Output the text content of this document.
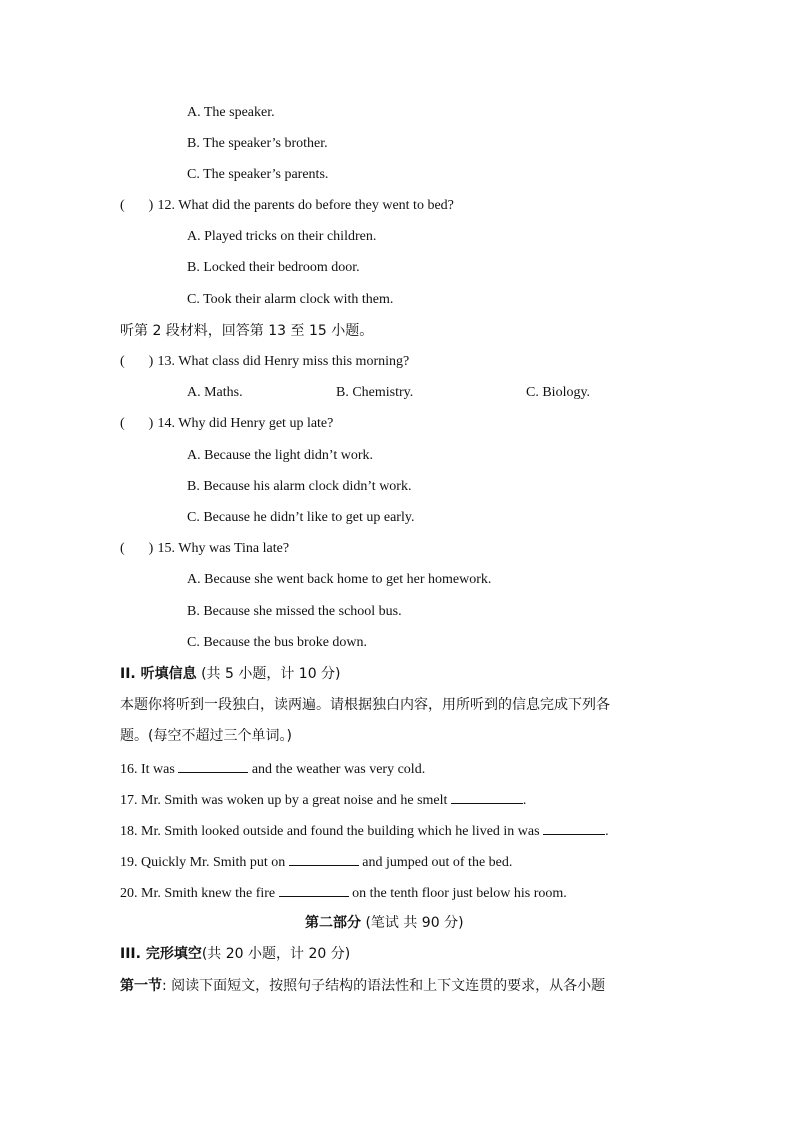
A. The speaker.
B. The speaker’s brother.
C. The speaker’s parents.
( ) 12. What did the parents do before they went to bed?
A. Played tricks on their children.
B. Locked their bedroom door.
C. Took their alarm clock with them.
听第 2 段材料，回答第 13 至 15 小题。
( ) 13. What class did Henry miss this morning?
A. Maths.	B. Chemistry.	C. Biology.
( ) 14. Why did Henry get up late?
A. Because the light didn’t work.
B. Because his alarm clock didn’t work.
C. Because he didn’t like to get up early.
( ) 15. Why was Tina late?
A. Because she went back home to get her homework.
B. Because she missed the school bus.
C. Because the bus broke down.
II. 听填信息 (共 5 小题，计 10 分)
本题你将听到一段独白，读两遍。请根据独白内容，用所听到的信息完成下列各
题。(每空不超过三个单词。)
16. It was	and the weather was very cold.
17. Mr. Smith was woken up by a great noise and he smelt	.
18. Mr. Smith looked outside and found the building which he lived in was	.
19. Quickly Mr. Smith put on	and jumped out of the bed.
20. Mr. Smith knew the fire	on the tenth floor just below his room.
第二部分 (笔试 共 90 分)
III. 完形填空(共 20 小题，计 20 分)
第一节: 阅读下面短文，按照句子结构的语法性和上下文连贯的要求，从各小题
